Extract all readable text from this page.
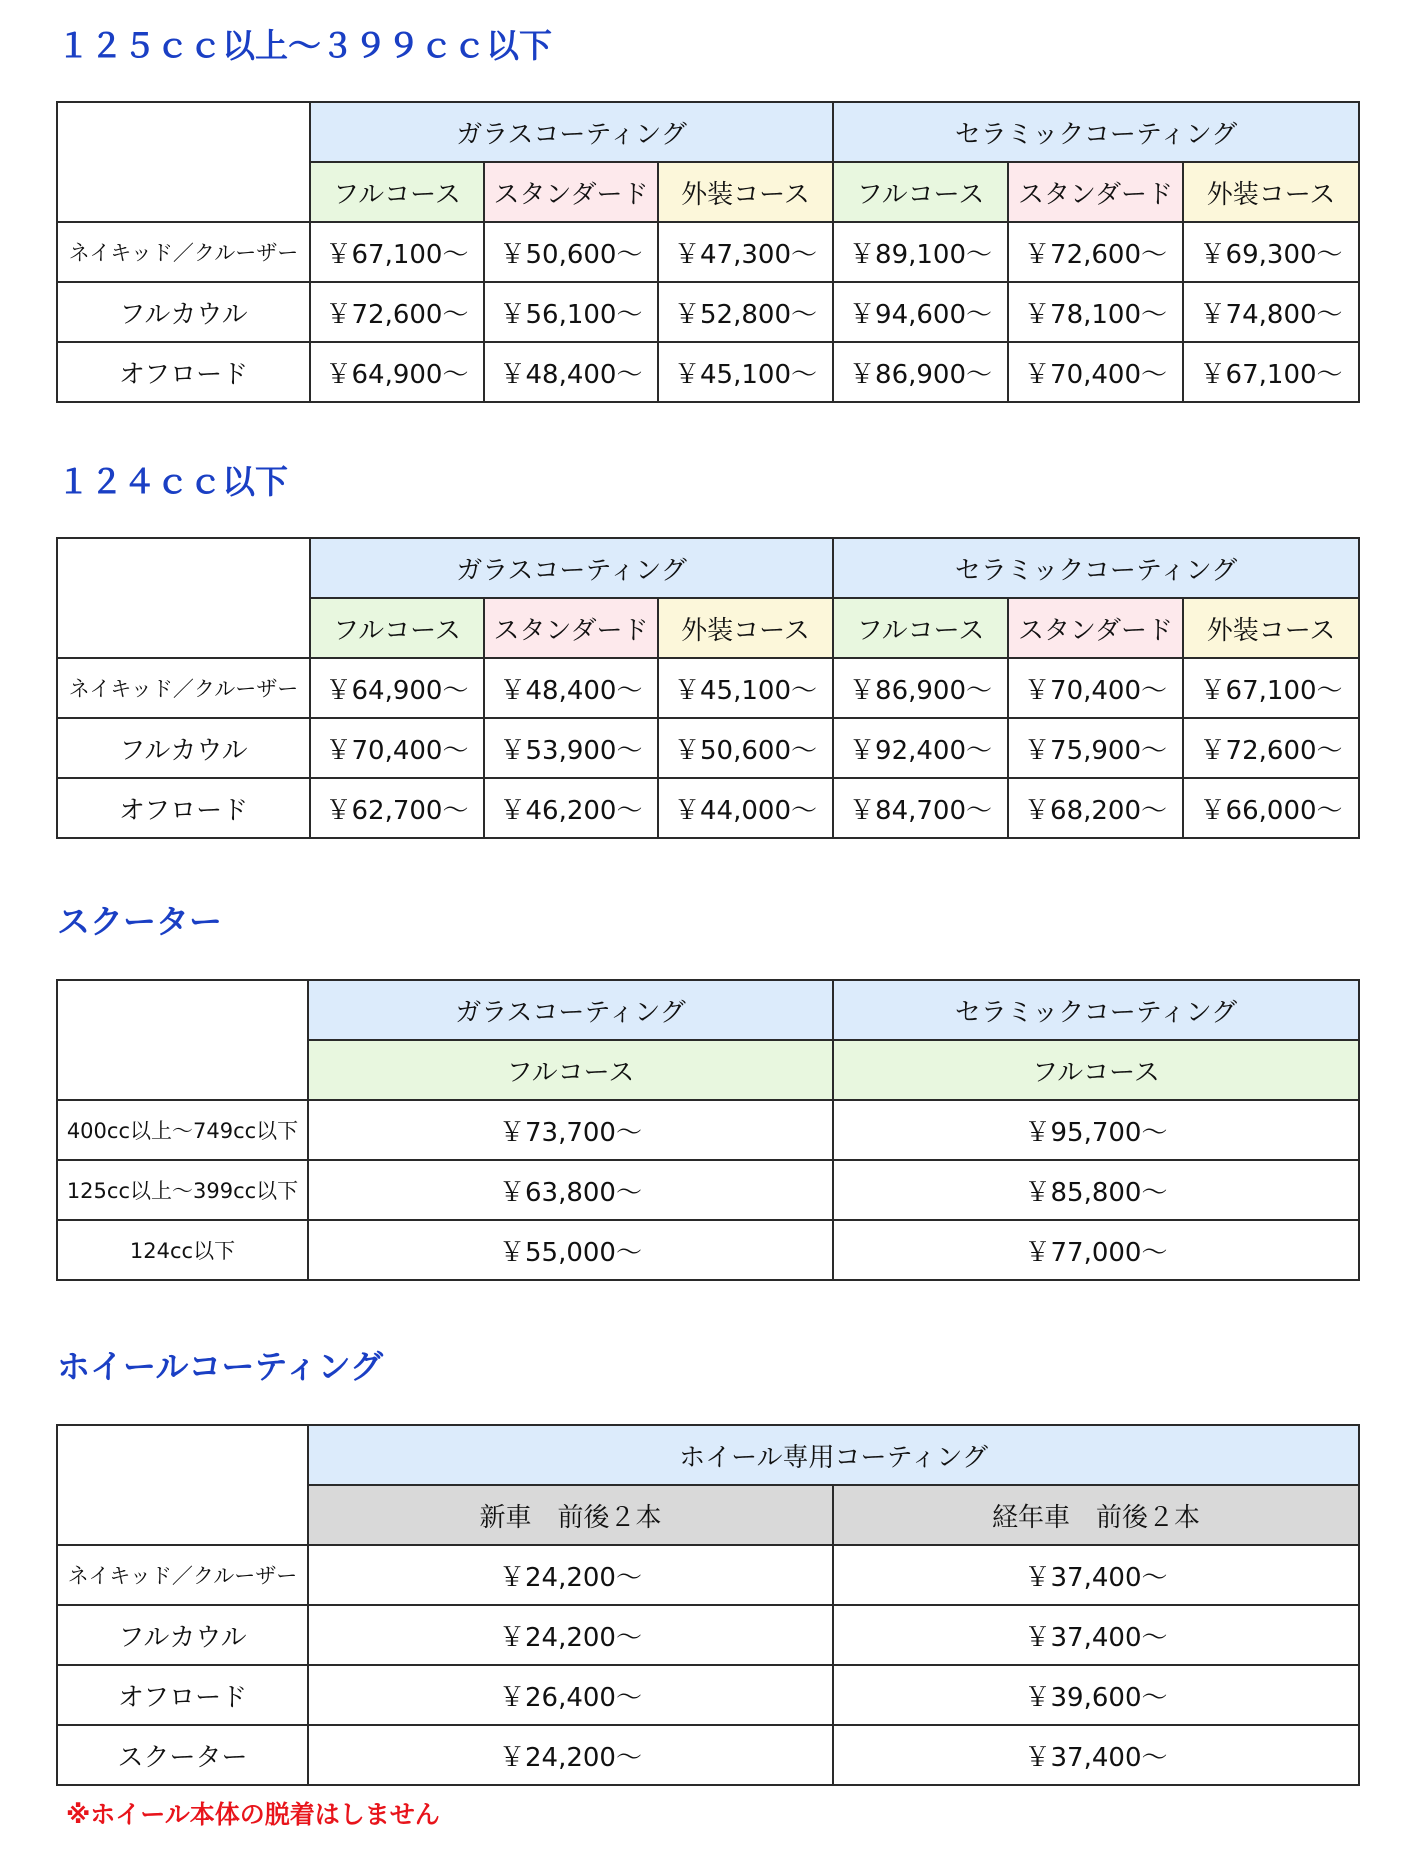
１２５ｃｃ以上〜３９９ｃｃ以下
	ガラスコーティング			セラミックコーティング		
	フルコース	スタンダード	外装コース	フルコース	スタンダード	外装コース
ネイキッド／クルーザー	￥67,100〜	￥50,600〜	￥47,300〜	￥89,100〜	￥72,600〜	￥69,300〜
フルカウル	￥72,600〜	￥56,100〜	￥52,800〜	￥94,600〜	￥78,100〜	￥74,800〜
オフロード	￥64,900〜	￥48,400〜	￥45,100〜	￥86,900〜	￥70,400〜	￥67,100〜
１２４ｃｃ以下
	ガラスコーティング			セラミックコーティング		
	フルコース	スタンダード	外装コース	フルコース	スタンダード	外装コース
ネイキッド／クルーザー	￥64,900〜	￥48,400〜	￥45,100〜	￥86,900〜	￥70,400〜	￥67,100〜
フルカウル	￥70,400〜	￥53,900〜	￥50,600〜	￥92,400〜	￥75,900〜	￥72,600〜
オフロード	￥62,700〜	￥46,200〜	￥44,000〜	￥84,700〜	￥68,200〜	￥66,000〜
スクーター
	ガラスコーティング	セラミックコーティング
	フルコース	フルコース
400cc以上〜749cc以下	￥73,700〜	￥95,700〜
125cc以上〜399cc以下	￥63,800〜	￥85,800〜
124cc以下	￥55,000〜	￥77,000〜
ホイールコーティング
	ホイール専用コーティング	
	新車　前後２本	経年車　前後２本
ネイキッド／クルーザー	￥24,200〜	￥37,400〜
フルカウル	￥24,200〜	￥37,400〜
オフロード	￥26,400〜	￥39,600〜
スクーター	￥24,200〜	￥37,400〜

※ホイール本体の脱着はしません
